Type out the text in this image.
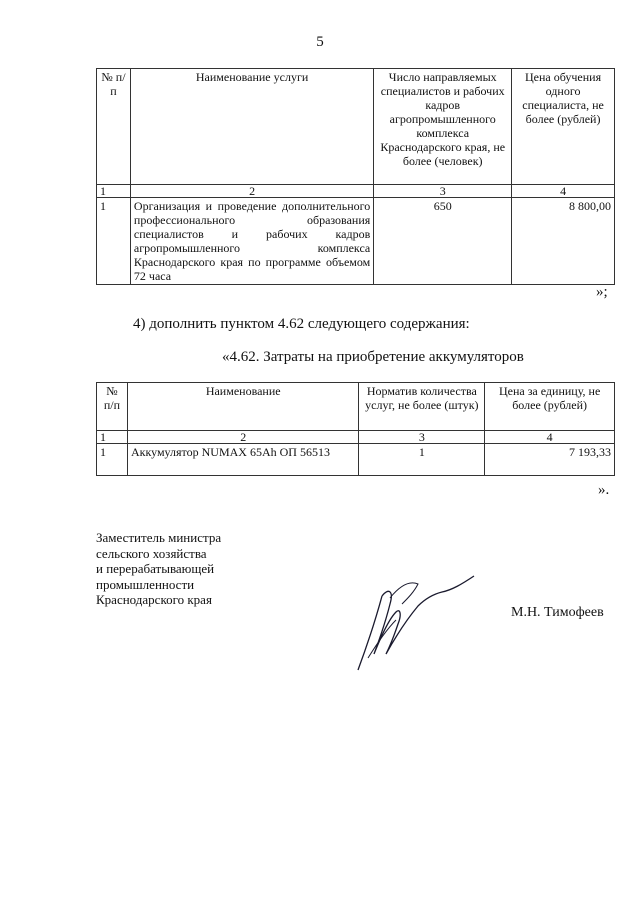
5
№ п/п	Наименование услуги	Число направляемых специалистов и рабочих кадров агропромышленного комплекса Краснодарского края, не более (человек)	Цена обучения одного специалиста, не более (рублей)
1	2	3	4
1	Организация и проведение дополнительного профессионального образования специалистов и рабочих кадров агропромышленного комплекса Краснодарского края по программе объемом 72 часа	650	8 800,00
»;
4) дополнить пунктом 4.62 следующего содержания:
«4.62. Затраты на приобретение аккумуляторов
№ п/п	Наименование	Норматив количества услуг, не более (штук)	Цена за единицу, не более (рублей)
1	2	3	4
1	Аккумулятор NUMAX 65Ah ОП 56513	1	7 193,33
».
Заместитель министра
сельского хозяйства
и перерабатывающей
промышленности
Краснодарского края
М.Н. Тимофеев
